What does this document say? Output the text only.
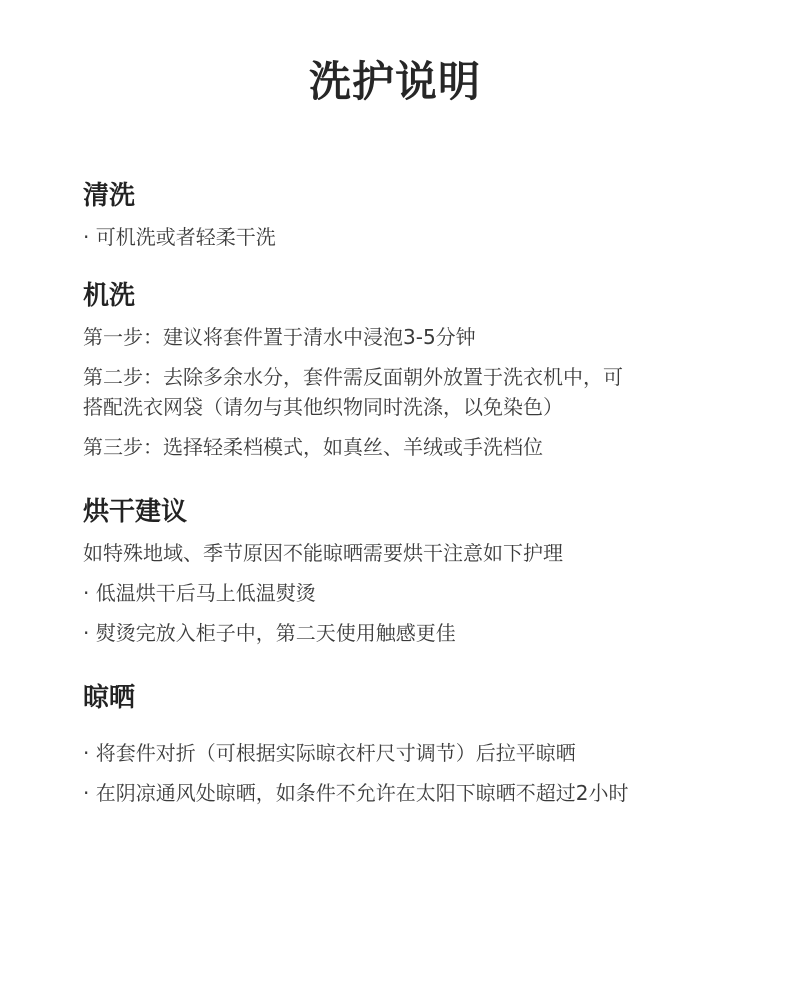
洗护说明
清洗

· 可机洗或者轻柔干洗

机洗

第一步：建议将套件置于清水中浸泡3-5分钟

第二步：去除多余水分，套件需反面朝外放置于洗衣机中，可
搭配洗衣网袋（请勿与其他织物同时洗涤，以免染色）

第三步：选择轻柔档模式，如真丝、羊绒或手洗档位

烘干建议

如特殊地域、季节原因不能晾晒需要烘干注意如下护理

· 低温烘干后马上低温熨烫

· 熨烫完放入柜子中，第二天使用触感更佳

晾晒

· 将套件对折（可根据实际晾衣杆尺寸调节）后拉平晾晒

· 在阴凉通风处晾晒，如条件不允许在太阳下晾晒不超过2小时
